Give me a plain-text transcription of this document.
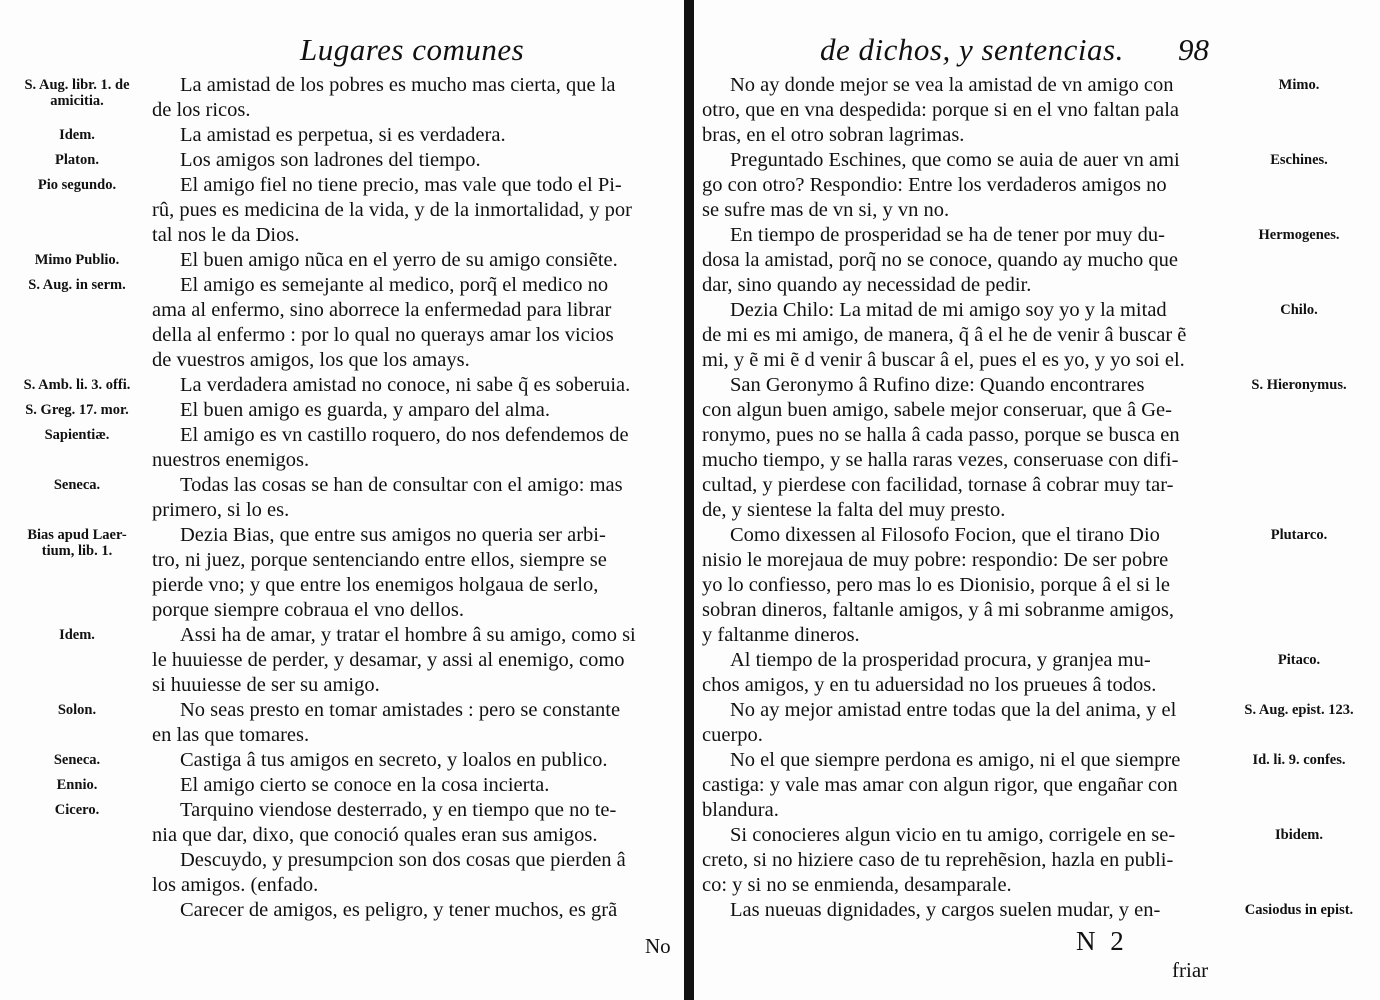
Lugares comunes
La amistad de los pobres es mucho mas cierta, que la
de los ricos.
S. Aug. libr. 1. de
amicitia.
La amistad es perpetua, si es verdadera.
Idem.
Los amigos son ladrones del tiempo.
Platon.
El amigo fiel no tiene precio, mas vale que todo el Pi-
rû, pues es medicina de la vida, y de la inmortalidad, y por
tal nos le da Dios.
Pio segundo.
El buen amigo nũca en el yerro de su amigo consiẽte.
Mimo Publio.
El amigo es semejante al medico, porq̃ el medico no
ama al enfermo, sino aborrece la enfermedad para librar
della al enfermo : por lo qual no querays amar los vicios
de vuestros amigos, los que los amays.
S. Aug. in serm.
La verdadera amistad no conoce, ni sabe q̃ es soberuia.
S. Amb. li. 3. offi.
El buen amigo es guarda, y amparo del alma.
S. Greg. 17. mor.
El amigo es vn castillo roquero, do nos defendemos de
nuestros enemigos.
Sapientiæ.
Todas las cosas se han de consultar con el amigo: mas
primero, si lo es.
Seneca.
Dezia Bias, que entre sus amigos no queria ser arbi-
tro, ni juez, porque sentenciando entre ellos, siempre se
pierde vno; y que entre los enemigos holgaua de serlo,
porque siempre cobraua el vno dellos.
Bias apud Laer-
tium, lib. 1.
Assi ha de amar, y tratar el hombre â su amigo, como si
le huuiesse de perder, y desamar, y assi al enemigo, como
si huuiesse de ser su amigo.
Idem.
No seas presto en tomar amistades : pero se constante
en las que tomares.
Solon.
Castiga â tus amigos en secreto, y loalos en publico.
Seneca.
El amigo cierto se conoce en la cosa incierta.
Ennio.
Tarquino viendose desterrado, y en tiempo que no te-
nia que dar, dixo, que conoció quales eran sus amigos.
Cicero.
Descuydo, y presumpcion son dos cosas que pierden â
los amigos. (enfado.
Carecer de amigos, es peligro, y tener muchos, es grã
No
de dichos, y sentencias. 98
No ay donde mejor se vea la amistad de vn amigo con
otro, que en vna despedida: porque si en el vno faltan pala
bras, en el otro sobran lagrimas.
Mimo.
Preguntado Eschines, que como se auia de auer vn ami
go con otro? Respondio: Entre los verdaderos amigos no
se sufre mas de vn si, y vn no.
Eschines.
En tiempo de prosperidad se ha de tener por muy du-
dosa la amistad, porq̃ no se conoce, quando ay mucho que
dar, sino quando ay necessidad de pedir.
Hermogenes.
Dezia Chilo: La mitad de mi amigo soy yo y la mitad
de mi es mi amigo, de manera, q̃ â el he de venir â buscar ẽ
mi, y ẽ mi ẽ d venir â buscar â el, pues el es yo, y yo soi el.
Chilo.
San Geronymo â Rufino dize: Quando encontrares
con algun buen amigo, sabele mejor conseruar, que â Ge-
ronymo, pues no se halla â cada passo, porque se busca en
mucho tiempo, y se halla raras vezes, conseruase con difi-
cultad, y pierdese con facilidad, tornase â cobrar muy tar-
de, y sientese la falta del muy presto.
S. Hieronymus.
Como dixessen al Filosofo Focion, que el tirano Dio
nisio le morejaua de muy pobre: respondio: De ser pobre
yo lo confiesso, pero mas lo es Dionisio, porque â el si le
sobran dineros, faltanle amigos, y â mi sobranme amigos,
y faltanme dineros.
Plutarco.
Al tiempo de la prosperidad procura, y granjea mu-
chos amigos, y en tu aduersidad no los prueues â todos.
Pitaco.
No ay mejor amistad entre todas que la del anima, y el
cuerpo.
S. Aug. epist. 123.
No el que siempre perdona es amigo, ni el que siempre
castiga: y vale mas amar con algun rigor, que engañar con
blandura.
Id. li. 9. confes.
Si conocieres algun vicio en tu amigo, corrigele en se-
creto, si no hiziere caso de tu reprehẽsion, hazla en publi-
co: y si no se enmienda, desamparale.
Ibidem.
Las nueuas dignidades, y cargos suelen mudar, y en-	Casiodus in epist.
N 2
friar
